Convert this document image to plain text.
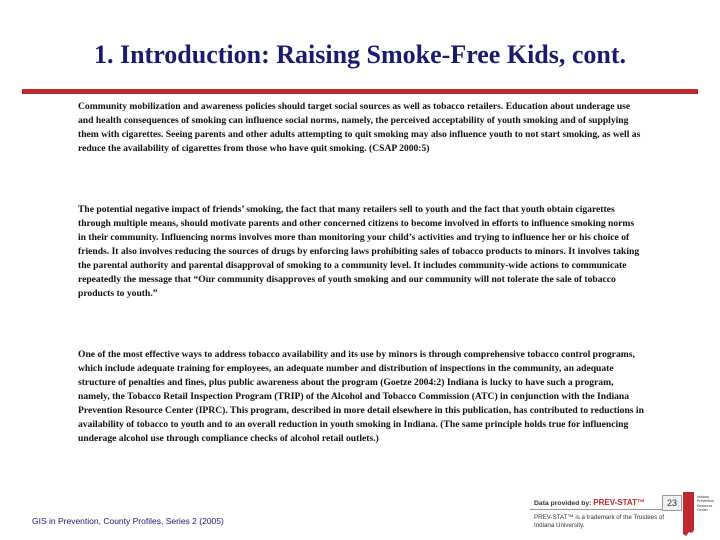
1. Introduction: Raising Smoke-Free Kids, cont.

Community mobilization and awareness policies should target social sources as well as tobacco retailers. Education about underage use and health consequences of smoking can influence social norms, namely, the perceived acceptability of youth smoking and of supplying them with cigarettes. Seeing parents and other adults attempting to quit smoking may also influence youth to not start smoking, as well as reduce the availability of cigarettes from those who have quit smoking. (CSAP 2000:5)

The potential negative impact of friends’ smoking, the fact that many retailers sell to youth and the fact that youth obtain cigarettes through multiple means, should motivate parents and other concerned citizens to become involved in efforts to influence smoking norms in their community. Influencing norms involves more than monitoring your child’s activities and trying to influence her or his choice of friends. It also involves reducing the sources of drugs by enforcing laws prohibiting sales of tobacco products to minors. It involves taking the parental authority and parental disapproval of smoking to a community level. It includes community-wide actions to communicate repeatedly the message that “Our community disapproves of youth smoking and our community will not tolerate the sale of tobacco products to youth.”

One of the most effective ways to address tobacco availability and its use by minors is through comprehensive tobacco control programs, which include adequate training for employees, an adequate number and distribution of inspections in the community, an adequate structure of penalties and fines, plus public awareness about the program (Goetze 2004:2) Indiana is lucky to have such a program, namely, the Tobacco Retail Inspection Program (TRIP) of the Alcohol and Tobacco Commission (ATC) in conjunction with the Indiana Prevention Resource Center (IPRC). This program, described in more detail elsewhere in this publication, has contributed to reductions in availability of tobacco to youth and to an overall reduction in youth smoking in Indiana. (The same principle holds true for influencing underage alcohol use through compliance checks of alcohol retail outlets.)

GIS in Prevention, County Profiles, Series 2 (2005)
Data provided by: PREV-STAT™
PREV-STAT™ is a trademark of the Trustees of Indiana University.
23
Indiana Prevention Resource Center
